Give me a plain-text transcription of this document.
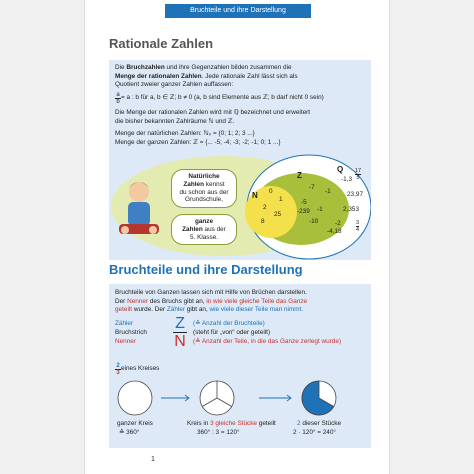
Bruchteile und ihre Darstellung
Rationale Zahlen
Die Bruchzahlen und ihre Gegenzahlen bilden zusammen die
Menge der rationalen Zahlen. Jede rationale Zahl lässt sich als
Quotient zweier ganzer Zahlen auffassen:
a
b
= a : b für a, b ∈ ℤ; b ≠ 0 (a, b sind Elemente aus ℤ; b darf nicht 0 sein)
Die Menge der rationalen Zahlen wird mit ℚ bezeichnet und erweitert
die bisher bekannten Zahlräume ℕ und ℤ.
Menge der natürlichen Zahlen: ℕ₀ = {0; 1; 2; 3 ...}
Menge der ganzen Zahlen: ℤ = {... -5; -4; -3; -2; -1; 0; 1 ...}
Natürliche
Zahlen kennst
du schon aus der
Grundschule,
ganze
Zahlen aus der
5. Klasse.
N
Z
Q
0
1
2
25
8
-7
-1
-5
-239 -1
-10
-1,3
17
5
23,97
2,353
-2
-4,18
3
4
Bruchteile und ihre Darstellung
Bruchteile von Ganzen lassen sich mit Hilfe von Brüchen darstellen.
Der Nenner des Bruchs gibt an, in wie viele gleiche Teile das Ganze
geteilt wurde. Der Zähler gibt an, wie viele dieser Teile man nimmt.
Zähler
Bruchstrich
Nenner
Z
N
(≙ Anzahl der Bruchteile)
(steht für „von“ oder geteilt)
(≙ Anzahl der Teile, in die das Ganze zerlegt wurde)
2
3
eines Kreises
ganzer Kreis
≙ 360°
Kreis in 3 gleiche Stücke geteilt
360° : 3 = 120°
2 dieser Stücke
2 · 120° = 240°
1
